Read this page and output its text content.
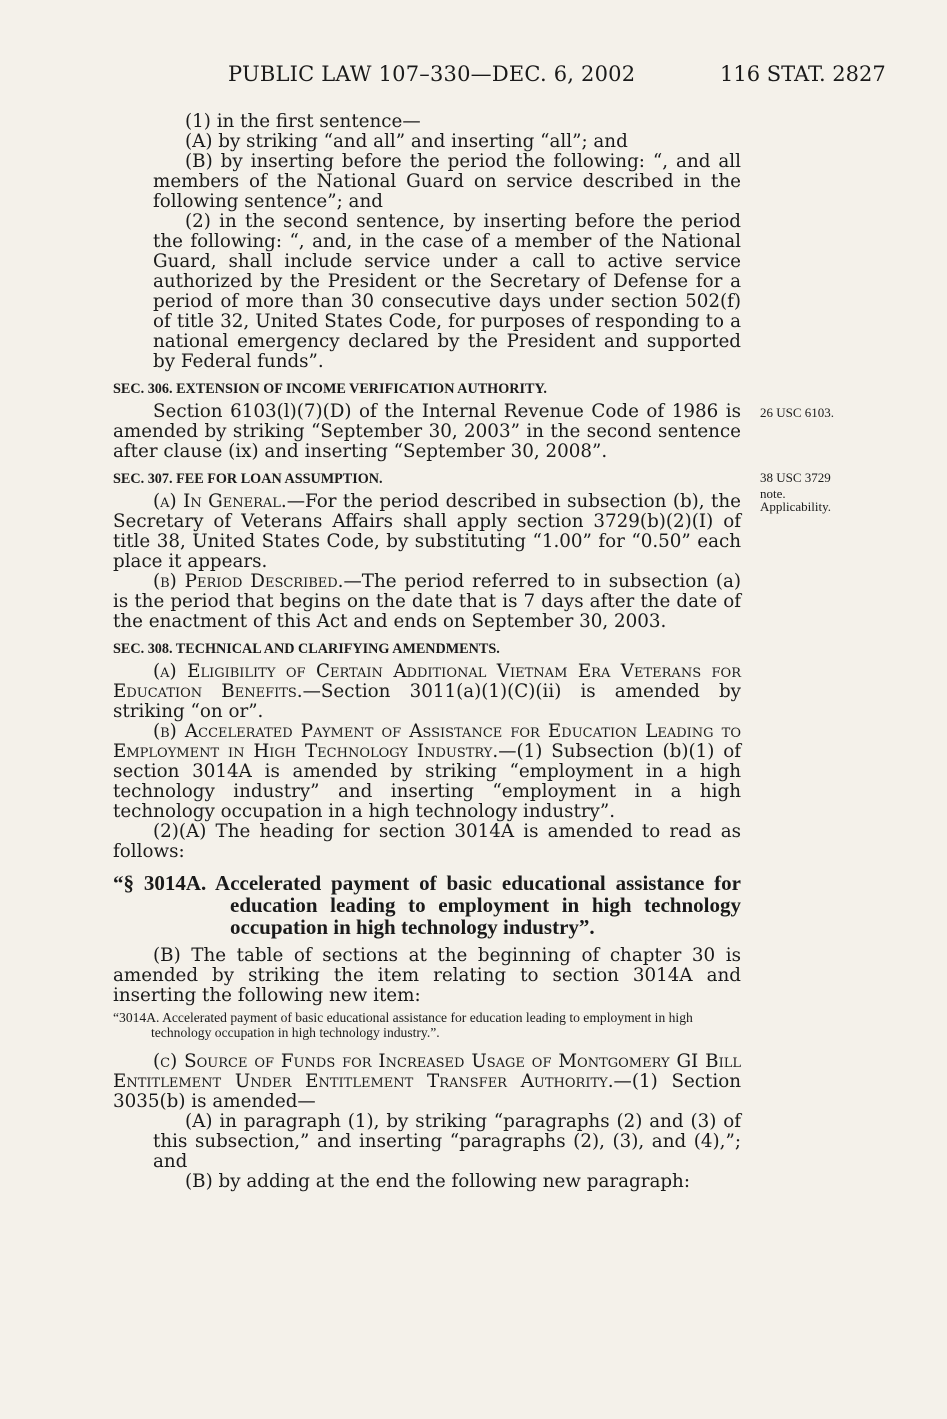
PUBLIC LAW 107–330—DEC. 6, 2002	116 STAT. 2827

(1) in the first sentence—

(A) by striking “and all” and inserting “all”; and

(B) by inserting before the period the following: “, and all members of the National Guard on service described in the following sentence”; and

(2) in the second sentence, by inserting before the period the following: “, and, in the case of a member of the National Guard, shall include service under a call to active service authorized by the President or the Secretary of Defense for a period of more than 30 consecutive days under section 502(f) of title 32, United States Code, for purposes of responding to a national emergency declared by the President and supported by Federal funds”.

SEC. 306. EXTENSION OF INCOME VERIFICATION AUTHORITY.

Section 6103(l)(7)(D) of the Internal Revenue Code of 1986 is amended by striking “September 30, 2003” in the second sentence after clause (ix) and inserting “September 30, 2008”.

SEC. 307. FEE FOR LOAN ASSUMPTION.

(a) In General.—For the period described in subsection (b), the Secretary of Veterans Affairs shall apply section 3729(b)(2)(I) of title 38, United States Code, by substituting “1.00” for “0.50” each place it appears.

(b) Period Described.—The period referred to in subsection (a) is the period that begins on the date that is 7 days after the date of the enactment of this Act and ends on September 30, 2003.

SEC. 308. TECHNICAL AND CLARIFYING AMENDMENTS.

(a) Eligibility of Certain Additional Vietnam Era Veterans for Education Benefits.—Section 3011(a)(1)(C)(ii) is amended by striking “on or”.

(b) Accelerated Payment of Assistance for Education Leading to Employment in High Technology Industry.—(1) Subsection (b)(1) of section 3014A is amended by striking “employment in a high technology industry” and inserting “employment in a high technology occupation in a high technology industry”.

(2)(A) The heading for section 3014A is amended to read as follows:

“§ 3014A. Accelerated payment of basic educational assistance for education leading to employment in high technology occupation in high technology industry”.

(B) The table of sections at the beginning of chapter 30 is amended by striking the item relating to section 3014A and inserting the following new item:

“3014A. Accelerated payment of basic educational assistance for education leading to employment in high technology occupation in high technology industry.”.

(c) Source of Funds for Increased Usage of Montgomery GI Bill Entitlement Under Entitlement Transfer Authority.—(1) Section 3035(b) is amended—

(A) in paragraph (1), by striking “paragraphs (2) and (3) of this subsection,” and inserting “paragraphs (2), (3), and (4),”; and

(B) by adding at the end the following new paragraph:

26 USC 6103.
38 USC 3729
note.
Applicability.
